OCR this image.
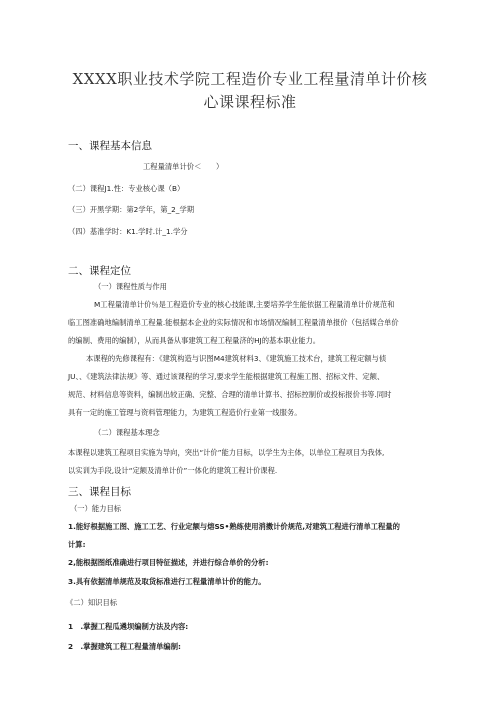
XXXX职业技术学院工程造价专业工程量清单计价核
心课课程标准
一、课程基本信息
工程量清单计价＜　　）
（二）课程J1.性：专业核心课（B）
（三）开黑学期：第2学年，第_2_学期
（四）基准学时：K1.学时.计_1.学分
二、课程定位
（一）课程性质与作用
M工程量清单计价％是工程造价专业的核心技能课,主要培养学生能依据工程量清单计价规范和
临工图准确地编制清单工程量.能根据本企业的实际情况和市场情况编制工程量清单报价（包括媒合单价
的编制、费用的编制），从而具备从事建筑工程工程量济的HJ的基本职业能力。
本课程的先修课程有：《建筑构造与识图M4建筑材料3、《建筑施工技术台，建筑工程定额与侦
JU、、《建筑法律法规》等、通过该课程的学习,要求学生能根据建筑工程施工图、招标文件、定额、
规范、材料信息等资料，编制出较正确、完整、合理的清单计算书、招标控制价或投标报价书等.同时
具有一定的施工管理与资料管理能力，为建筑工程造价行业第一线服务。
（二）课程基本理念
本课程以建筑工程项目实施为导向，突出“计价”能力目标，以学生为主体，以单位工程项目为我体,
以实训为手段,设计“定额及清单计价”一体化的建筑工程计价课程.
三、课程目标
（一）能力目标
1.能好根据施工图、施工工艺、行业定额与熔SS•熟练使用消擞计价规范,对建筑工程进行清单工程量的
计算:
2,能根据图纸准确进行项目特征描述，并进行综合单价的分析:
3.具有依据清单规范及取货标准进行工程量清单计价的能力。
《二）知识目标
1　.掌握工程瓜遴坝编制方法及内容:
2　.掌握建筑工程工程量清单编制:
